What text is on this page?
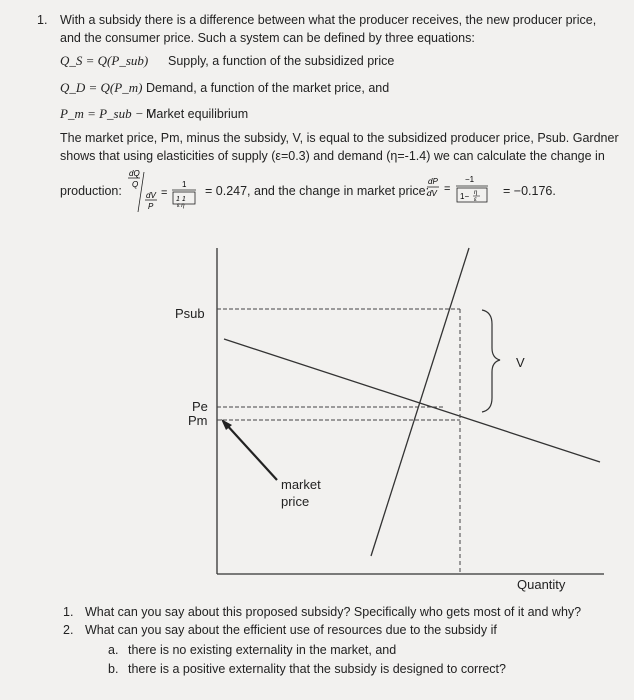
1. With a subsidy there is a difference between what the producer receives, the new producer price,
and the consumer price. Such a system can be defined by three equations:
Q_S = Q(P_sub) Supply, a function of the subsidized price
Q_D = Q(P_m) Demand, a function of the market price, and
P_m = P_sub − V
Market equilibrium
The market price, Pm, minus the subsidy, V, is equal to the subsidized producer price, Psub. Gardner
shows that using elasticities of supply (ε=0.3) and demand (η=-1.4) we can calculate the change in
production:
dQ
Q
dV
P
=
1
1 1
ε η
= 0.247, and the change in market price:
dP
dV =
−1
1− η
ε
= −0.176.
Psub
Pe
Pm
V
market
price
Quantity
1. What can you say about this proposed subsidy? Specifically who gets most of it and why?
2. What can you say about the efficient use of resources due to the subsidy if
a. there is no existing externality in the market, and
b. there is a positive externality that the subsidy is designed to correct?
